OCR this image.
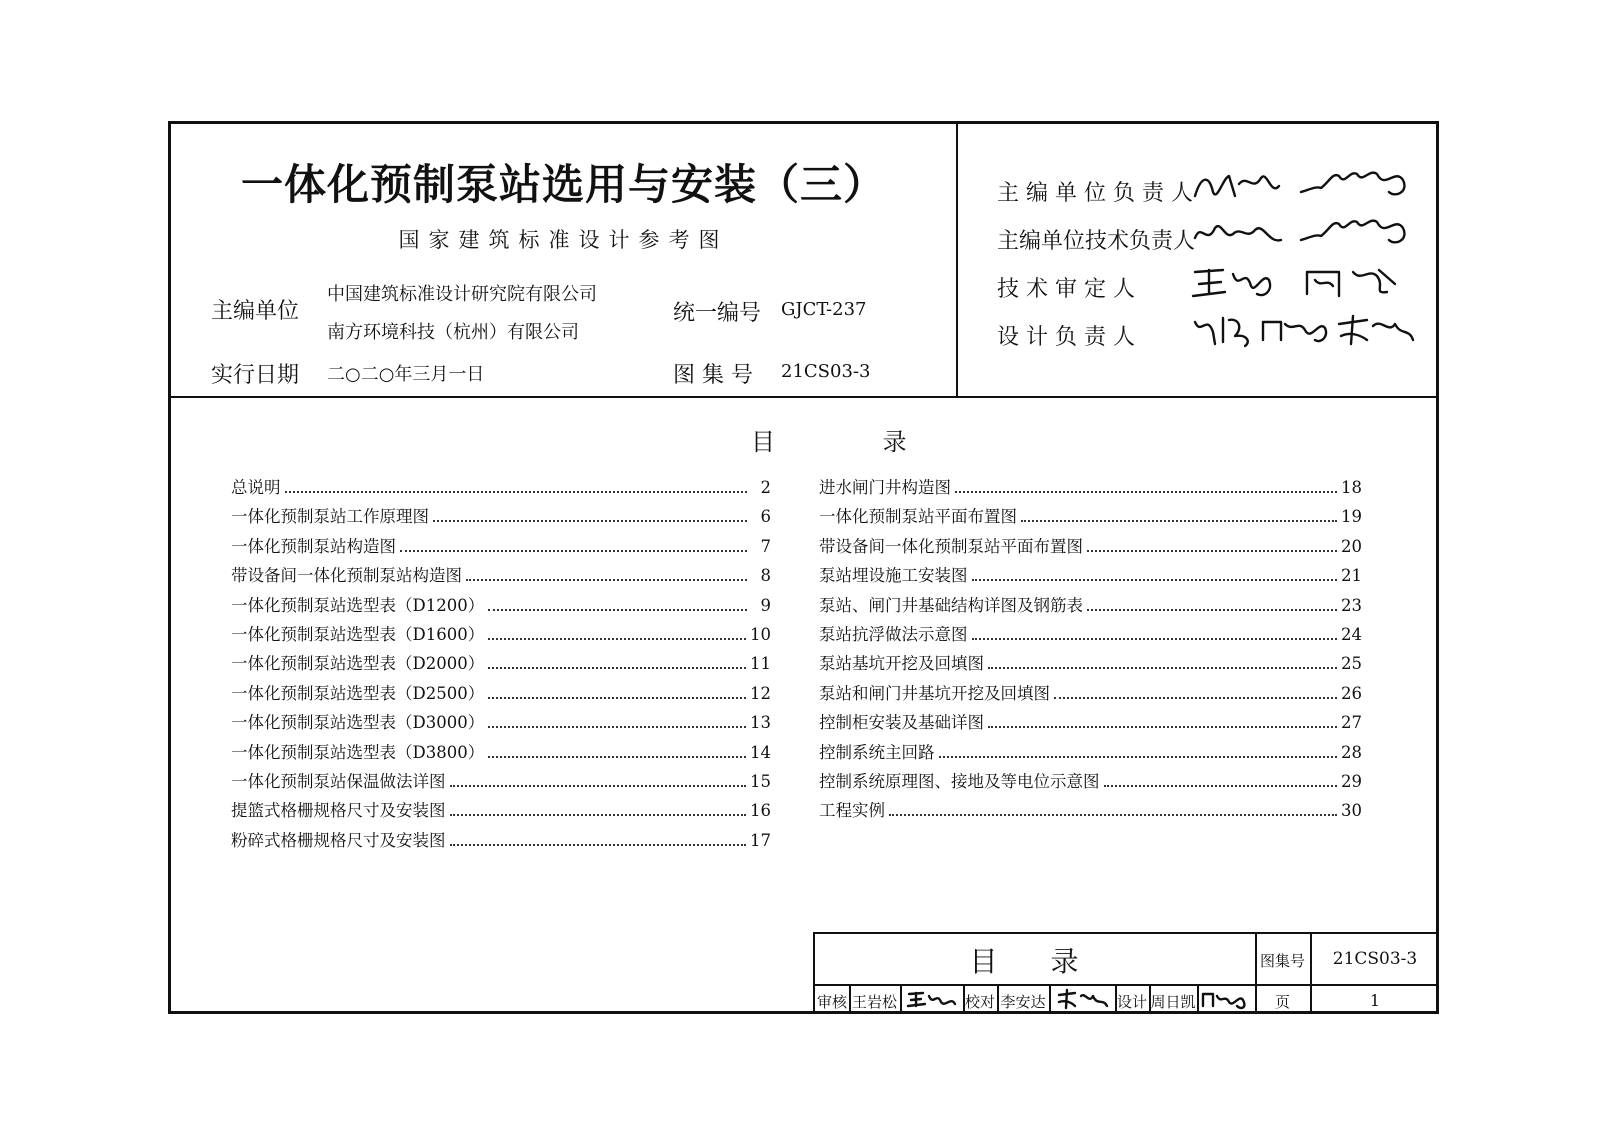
一体化预制泵站选用与安装（三）
国家建筑标准设计参考图
主编单位
中国建筑标准设计研究院有限公司
南方环境科技（杭州）有限公司
实行日期 二○二○年三月一日
统一编号 GJCT-237
图 集 号 21CS03-3
主 编 单 位 负 责 人
主编单位技术负责人
技 术 审 定 人
设 计 负 责 人
目 录
总说明	2
一体化预制泵站工作原理图	6
一体化预制泵站构造图	7
带设备间一体化预制泵站构造图	8
一体化预制泵站选型表（D1200）	9
一体化预制泵站选型表（D1600）	10
一体化预制泵站选型表（D2000）	11
一体化预制泵站选型表（D2500）	12
一体化预制泵站选型表（D3000）	13
一体化预制泵站选型表（D3800）	14
一体化预制泵站保温做法详图	15
提篮式格栅规格尺寸及安装图	16
粉碎式格栅规格尺寸及安装图	17
进水闸门井构造图	18
一体化预制泵站平面布置图	19
带设备间一体化预制泵站平面布置图	20
泵站埋设施工安装图	21
泵站、闸门井基础结构详图及钢筋表	23
泵站抗浮做法示意图	24
泵站基坑开挖及回填图	25
泵站和闸门井基坑开挖及回填图	26
控制柜安装及基础详图	27
控制系统主回路	28
控制系统原理图、接地及等电位示意图	29
工程实例	30
目 录	图集号	21CS03-3
审核 王岩松	校对 李安达	设计 周日凯	页	1
